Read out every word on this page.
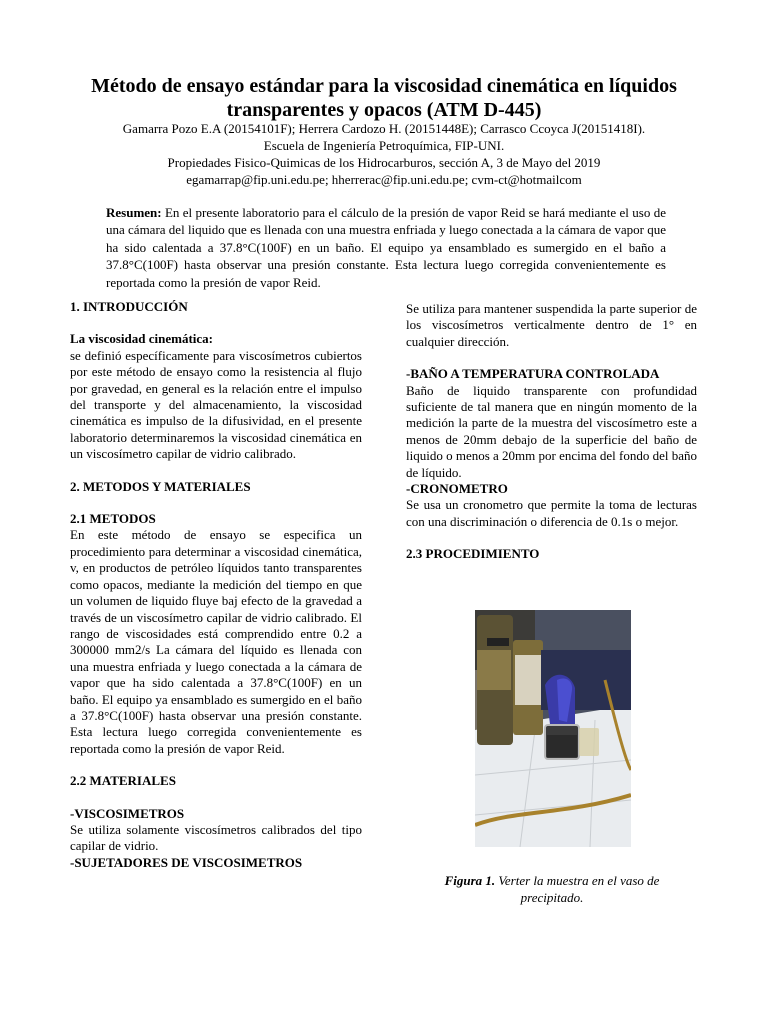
Método de ensayo estándar para la viscosidad cinemática en líquidos
transparentes y opacos (ATM D-445)
Gamarra Pozo E.A (20154101F); Herrera Cardozo H. (20151448E); Carrasco Ccoyca J(20151418I).
Escuela de Ingeniería Petroquímica, FIP-UNI.
Propiedades Fisico-Quimicas de los Hidrocarburos, sección A, 3 de Mayo del 2019
egamarrap@fip.uni.edu.pe; hherrerac@fip.uni.edu.pe; cvm-ct@hotmailcom
Resumen: En el presente laboratorio para el cálculo de la presión de vapor Reid se hará mediante el uso de una cámara del liquido que es llenada con una muestra enfriada y luego conectada a la cámara de vapor que ha sido calentada a 37.8°C(100F) en un baño. El equipo ya ensamblado es sumergido en el baño a 37.8°C(100F) hasta observar una presión constante. Esta lectura luego corregida convenientemente es reportada como la presión de vapor Reid.

1. INTRODUCCIÓN

La viscosidad cinemática:

se definió específicamente para viscosímetros cubiertos por este método de ensayo como la resistencia al flujo por gravedad, en general es la relación entre el impulso del transporte y del almacenamiento, la viscosidad cinemática es impulso de la difusividad, en el presente laboratorio determinaremos la viscosidad cinemática en un viscosímetro capilar de vidrio calibrado.

2. METODOS Y MATERIALES

2.1 METODOS

En este método de ensayo se especifica un procedimiento para determinar a viscosidad cinemática, v, en productos de petróleo líquidos tanto transparentes como opacos, mediante la medición del tiempo en que un volumen de liquido fluye baj efecto de la gravedad a través de un viscosímetro capilar de vidrio calibrado. El rango de viscosidades está comprendido entre 0.2 a 300000 mm2/s La cámara del líquido es llenada con una muestra enfriada y luego conectada a la cámara de vapor que ha sido calentada a 37.8°C(100F) en un baño. El equipo ya ensamblado es sumergido en el baño a 37.8°C(100F) hasta observar una presión constante. Esta lectura luego corregida convenientemente es reportada como la presión de vapor Reid.

2.2 MATERIALES

-VISCOSIMETROS

Se utiliza solamente viscosímetros calibrados del tipo capilar de vidrio.

-SUJETADORES DE VISCOSIMETROS

Se utiliza para mantener suspendida la parte superior de los viscosímetros verticalmente dentro de 1° en cualquier dirección.

-BAÑO A TEMPERATURA CONTROLADA

Baño de liquido transparente con profundidad suficiente de tal manera que en ningún momento de la medición la parte de la muestra del viscosímetro este a menos de 20mm debajo de la superficie del baño de liquido o menos a 20mm por encima del fondo del baño de líquido.

-CRONOMETRO

Se usa un cronometro que permite la toma de lecturas con una discriminación o diferencia de 0.1s o mejor.

2.3 PROCEDIMIENTO

Figura 1. Verter la muestra en el vaso de precipitado.
